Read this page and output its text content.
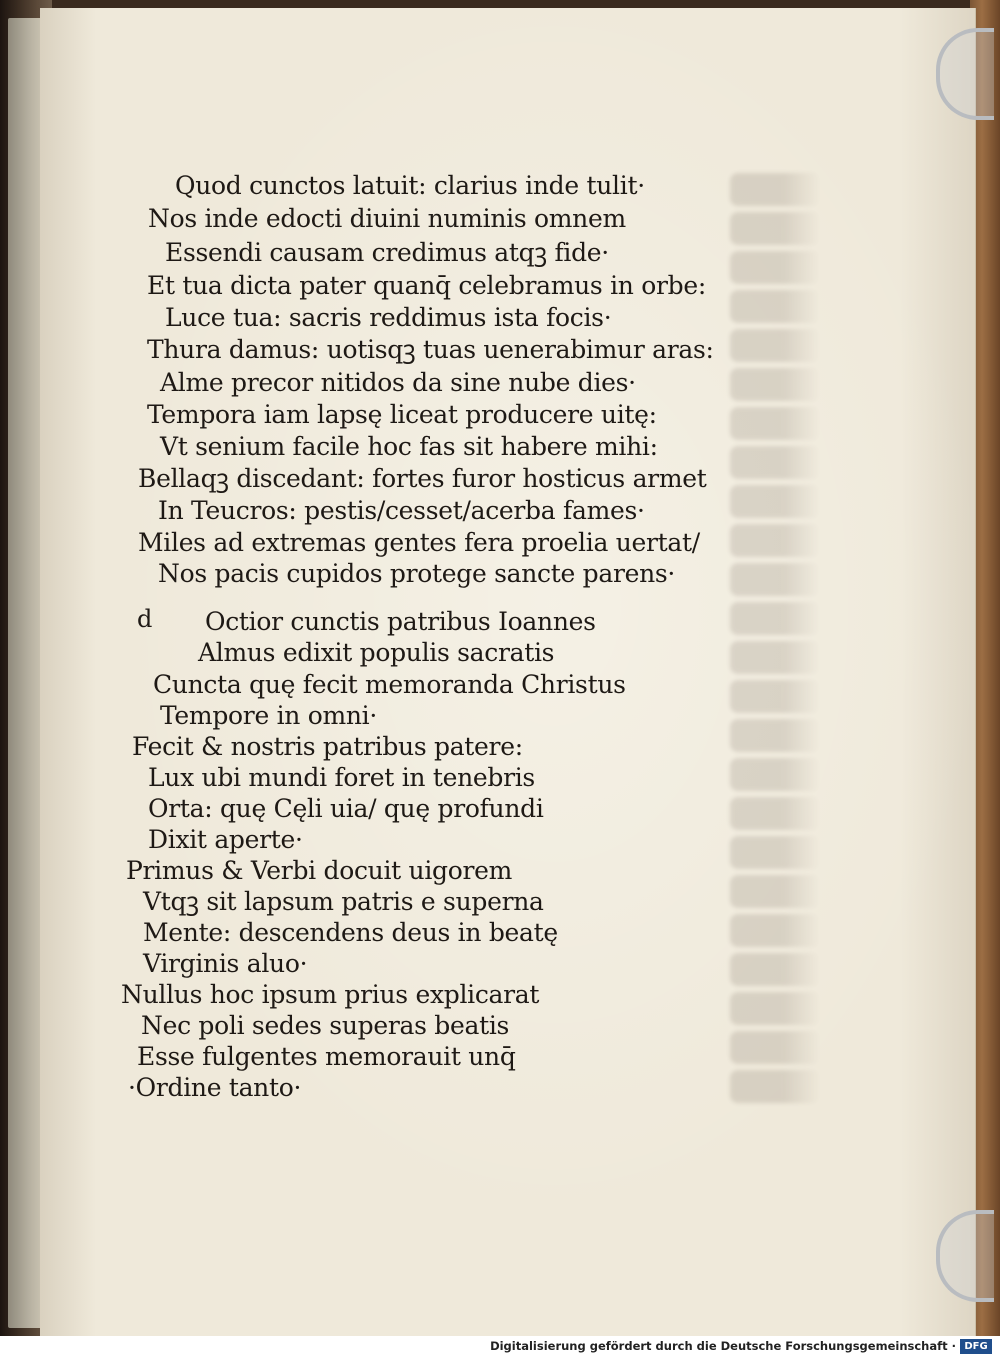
Quod cunctos latuit: clarius inde tulit·
Nos inde edocti diuini numinis omnem
Essendi causam credimus atqꝫ fide·
Et tua dicta pater quanq̄ celebramus in orbe:
Luce tua: sacris reddimus ista focis·
Thura damus: uotisqꝫ tuas uenerabimur aras:
Alme precor nitidos da sine nube dies·
Tempora iam lapsę liceat producere uitę:
Vt senium facile hoc fas sit habere mihi:
Bellaqꝫ discedant: fortes furor hosticus armet
In Teucros: pestis/cesset/acerba fames·
Miles ad extremas gentes fera proelia uertat/
Nos pacis cupidos protege sancte parens·
d Octior cunctis patribus Ioannes
Almus edixit populis sacratis
Cuncta quę fecit memoranda Christus
Tempore in omni·
Fecit & nostris patribus patere:
Lux ubi mundi foret in tenebris
Orta: quę Cęli uia/ quę profundi
Dixit aperte·
Primus & Verbi docuit uigorem
Vtqꝫ sit lapsum patris e superna
Mente: descendens deus in beatę
Virginis aluo·
Nullus hoc ipsum prius explicarat
Nec poli sedes superas beatis
Esse fulgentes memorauit unq̄
·Ordine tanto·
Digitalisierung gefördert durch die Deutsche Forschungsgemeinschaft · DFG
